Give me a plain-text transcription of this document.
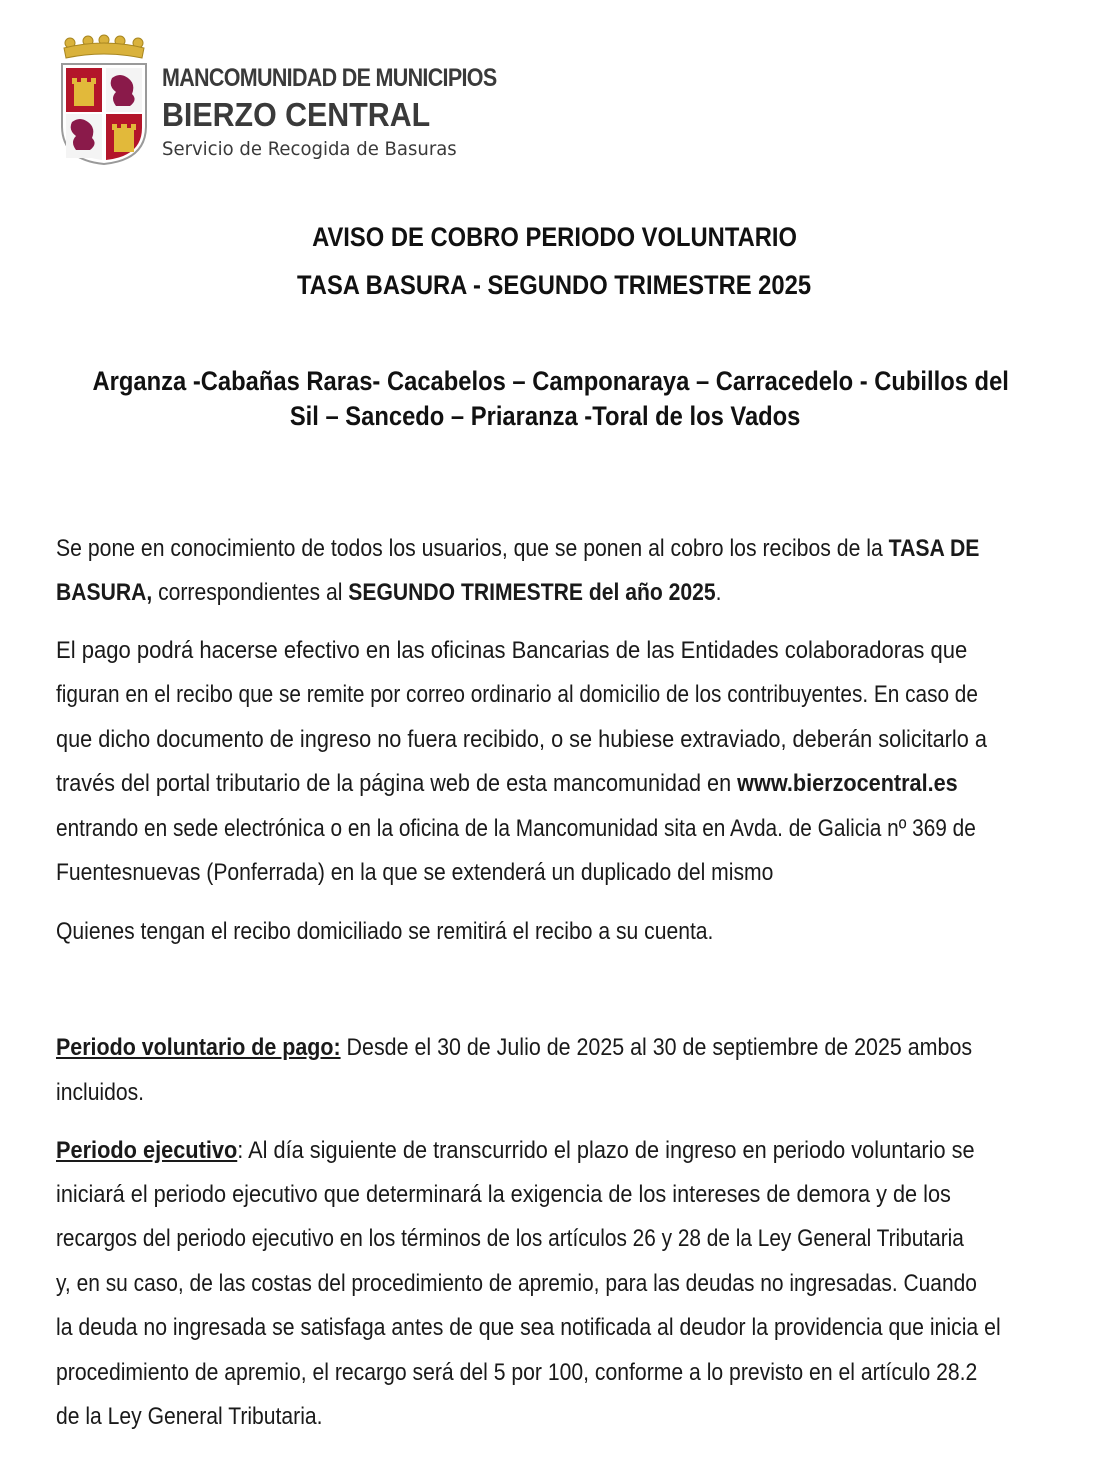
MANCOMUNIDAD DE MUNICIPIOS
BIERZO CENTRAL
Servicio de Recogida de Basuras
AVISO DE COBRO PERIODO VOLUNTARIO
TASA BASURA - SEGUNDO TRIMESTRE 2025
Arganza -Cabañas Raras- Cacabelos – Camponaraya – Carracedelo - Cubillos del
Sil – Sancedo – Priaranza -Toral de los Vados
Se pone en conocimiento de todos los usuarios, que se ponen al cobro los recibos de la TASA DE
BASURA, correspondientes al SEGUNDO TRIMESTRE del año 2025.
El pago podrá hacerse efectivo en las oficinas Bancarias de las Entidades colaboradoras que
figuran en el recibo que se remite por correo ordinario al domicilio de los contribuyentes. En caso de
que dicho documento de ingreso no fuera recibido, o se hubiese extraviado, deberán solicitarlo a
través del portal tributario de la página web de esta mancomunidad en www.bierzocentral.es
entrando en sede electrónica o en la oficina de la Mancomunidad sita en Avda. de Galicia nº 369 de
Fuentesnuevas (Ponferrada) en la que se extenderá un duplicado del mismo
Quienes tengan el recibo domiciliado se remitirá el recibo a su cuenta.
Periodo voluntario de pago: Desde el 30 de Julio de 2025 al 30 de septiembre de 2025 ambos
incluidos.
Periodo ejecutivo: Al día siguiente de transcurrido el plazo de ingreso en periodo voluntario se
iniciará el periodo ejecutivo que determinará la exigencia de los intereses de demora y de los
recargos del periodo ejecutivo en los términos de los artículos 26 y 28 de la Ley General Tributaria
y, en su caso, de las costas del procedimiento de apremio, para las deudas no ingresadas. Cuando
la deuda no ingresada se satisfaga antes de que sea notificada al deudor la providencia que inicia el
procedimiento de apremio, el recargo será del 5 por 100, conforme a lo previsto en el artículo 28.2
de la Ley General Tributaria.
